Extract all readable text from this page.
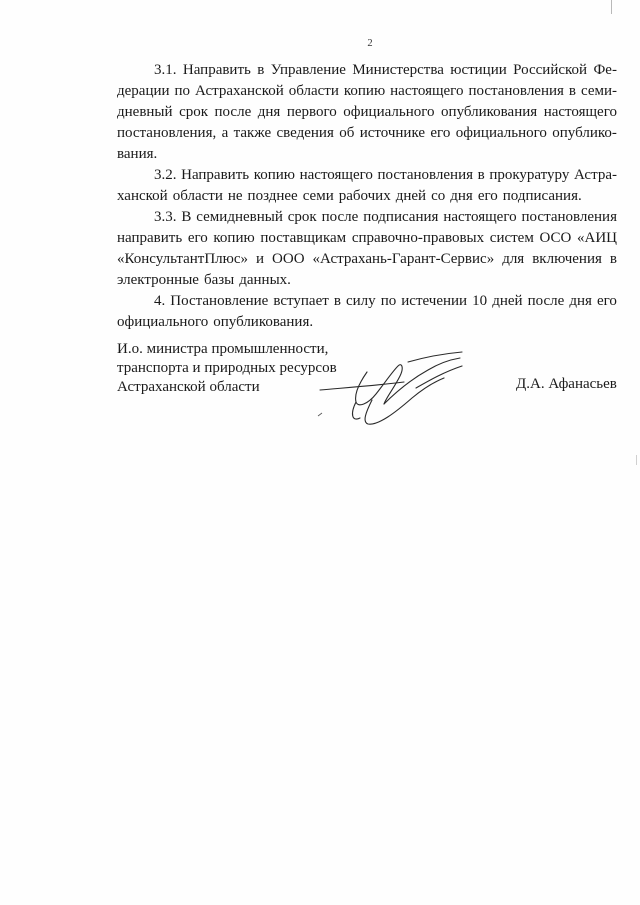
2
3.1. Направить в Управление Министерства юстиции Российской Фе-
дерации по Астраханской области копию настоящего постановления в семи-
дневный срок после дня первого официального опубликования настоящего
постановления, а также сведения об источнике его официального опублико-
вания.
3.2. Направить копию настоящего постановления в прокуратуру Астра-
ханской области не позднее семи рабочих дней со дня его подписания.
3.3. В семидневный срок после подписания настоящего постановления
направить его копию поставщикам справочно-правовых систем ОСО «АИЦ
«КонсультантПлюс» и ООО «Астрахань-Гарант-Сервис» для включения в
электронные базы данных.
4. Постановление вступает в силу по истечении 10 дней после дня его
официального опубликования.
И.о. министра промышленности,
транспорта и природных ресурсов
Астраханской области	Д.А. Афанасьев
